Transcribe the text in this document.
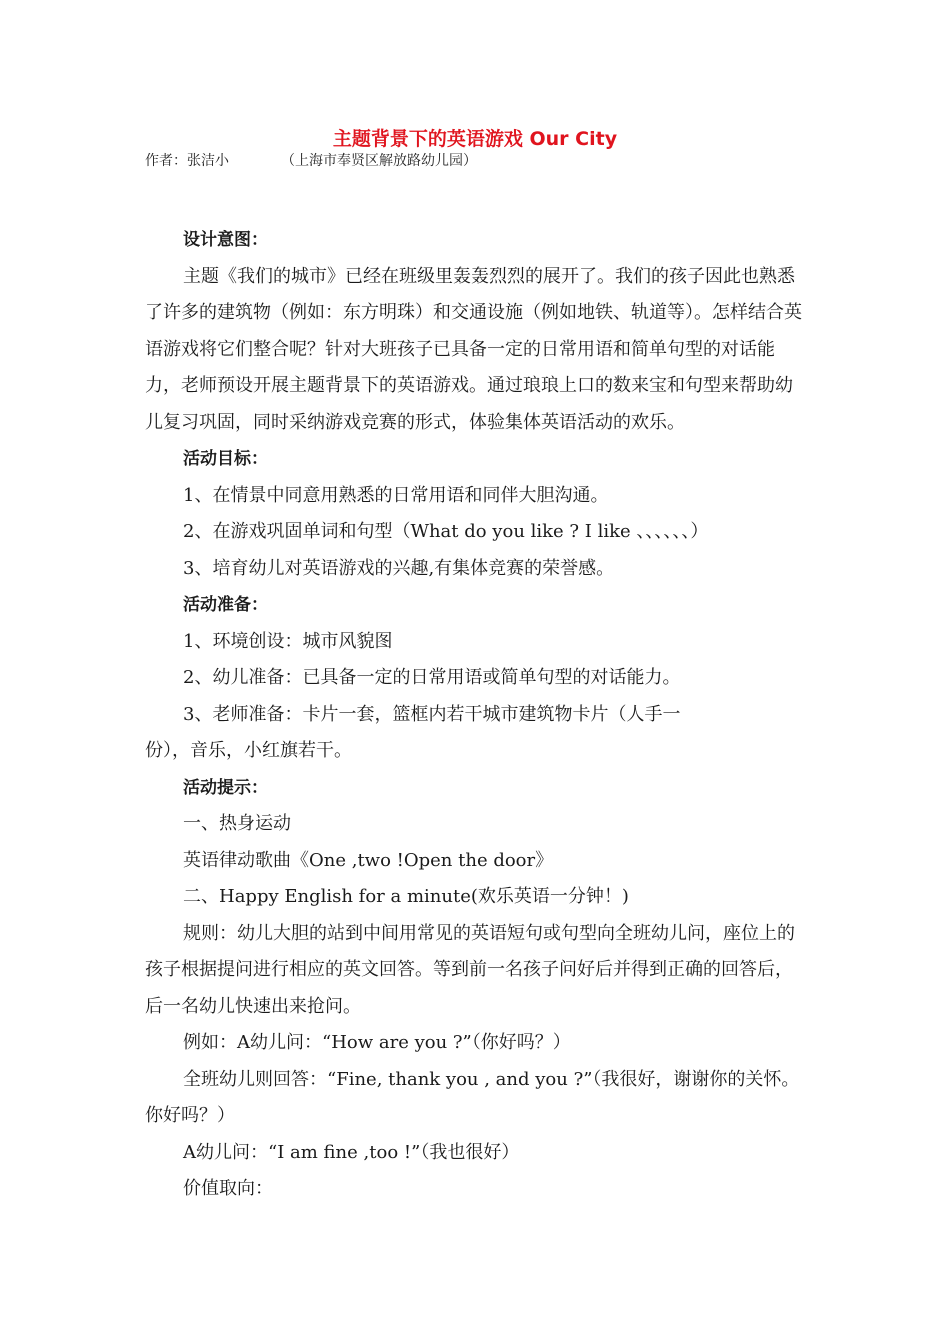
主题背景下的英语游戏 Our City
作者：张洁小	（上海市奉贤区解放路幼儿园）

设计意图：

主题《我们的城市》已经在班级里轰轰烈烈的展开了。我们的孩子因此也熟悉了许多的建筑物（例如：东方明珠）和交通设施（例如地铁、轨道等）。怎样结合英语游戏将它们整合呢？针对大班孩子已具备一定的日常用语和简单句型的对话能力，老师预设开展主题背景下的英语游戏。通过琅琅上口的数来宝和句型来帮助幼儿复习巩固，同时采纳游戏竞赛的形式，体验集体英语活动的欢乐。

活动目标：

1、在情景中同意用熟悉的日常用语和同伴大胆沟通。

2、在游戏巩固单词和句型（What do you like ? I like 、、、、、、）

3、培育幼儿对英语游戏的兴趣,有集体竞赛的荣誉感。

活动准备：

1、环境创设：城市风貌图

2、幼儿准备：已具备一定的日常用语或简单句型的对话能力。

3、老师准备：卡片一套，篮框内若干城市建筑物卡片（人手一

份），音乐，小红旗若干。

活动提示：

一、热身运动

英语律动歌曲《One ,two !Open the door》

二、Happy English for a minute(欢乐英语一分钟！)

规则：幼儿大胆的站到中间用常见的英语短句或句型向全班幼儿问，座位上的孩子根据提问进行相应的英文回答。等到前一名孩子问好后并得到正确的回答后，后一名幼儿快速出来抢问。

例如：A幼儿问：“How are you ?”（你好吗？）

全班幼儿则回答：“Fine, thank you , and you ?”（我很好，谢谢你的关怀。你好吗？）

A幼儿问：“I am fine ,too !”（我也很好）

价值取向：
